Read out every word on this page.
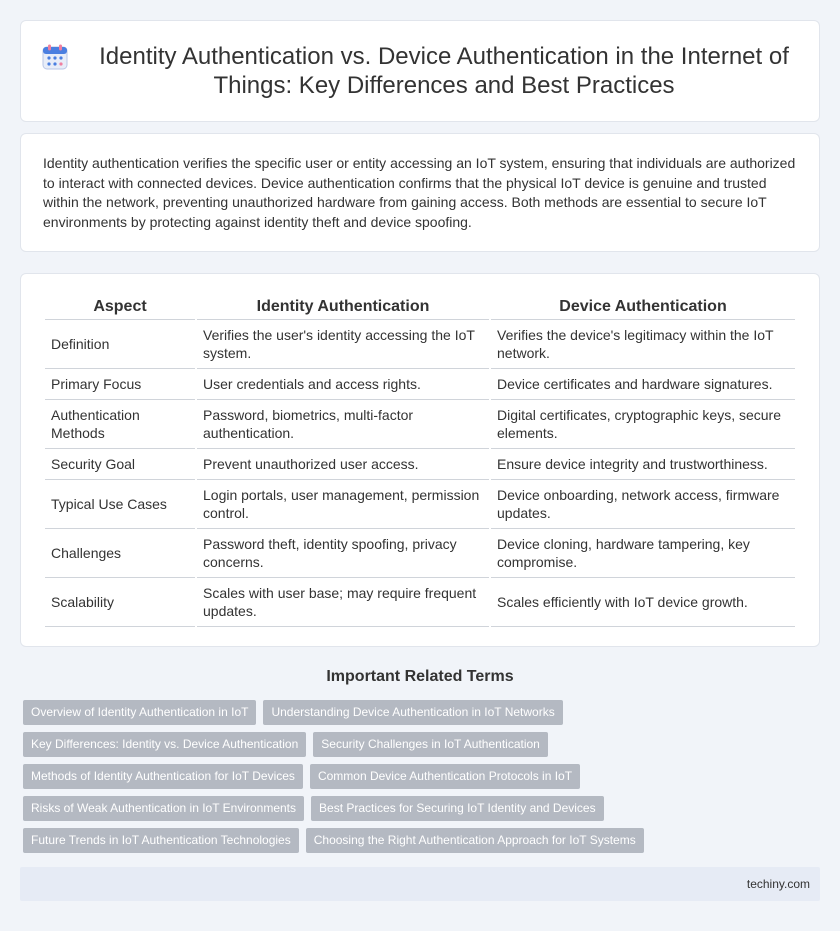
Identity Authentication vs. Device Authentication in the Internet of Things: Key Differences and Best Practices

Identity authentication verifies the specific user or entity accessing an IoT system, ensuring that individuals are authorized to interact with connected devices. Device authentication confirms that the physical IoT device is genuine and trusted within the network, preventing unauthorized hardware from gaining access. Both methods are essential to secure IoT environments by protecting against identity theft and device spoofing.

Aspect	Identity Authentication	Device Authentication
Definition	Verifies the user's identity accessing the IoT system.	Verifies the device's legitimacy within the IoT network.
Primary Focus	User credentials and access rights.	Device certificates and hardware signatures.
Authentication Methods	Password, biometrics, multi-factor authentication.	Digital certificates, cryptographic keys, secure elements.
Security Goal	Prevent unauthorized user access.	Ensure device integrity and trustworthiness.
Typical Use Cases	Login portals, user management, permission control.	Device onboarding, network access, firmware updates.
Challenges	Password theft, identity spoofing, privacy concerns.	Device cloning, hardware tampering, key compromise.
Scalability	Scales with user base; may require frequent updates.	Scales efficiently with IoT device growth.
Important Related Terms
Overview of Identity Authentication in IoT	Understanding Device Authentication in IoT Networks
Key Differences: Identity vs. Device Authentication	Security Challenges in IoT Authentication
Methods of Identity Authentication for IoT Devices	Common Device Authentication Protocols in IoT
Risks of Weak Authentication in IoT Environments	Best Practices for Securing IoT Identity and Devices
Future Trends in IoT Authentication Technologies	Choosing the Right Authentication Approach for IoT Systems
techiny.com
